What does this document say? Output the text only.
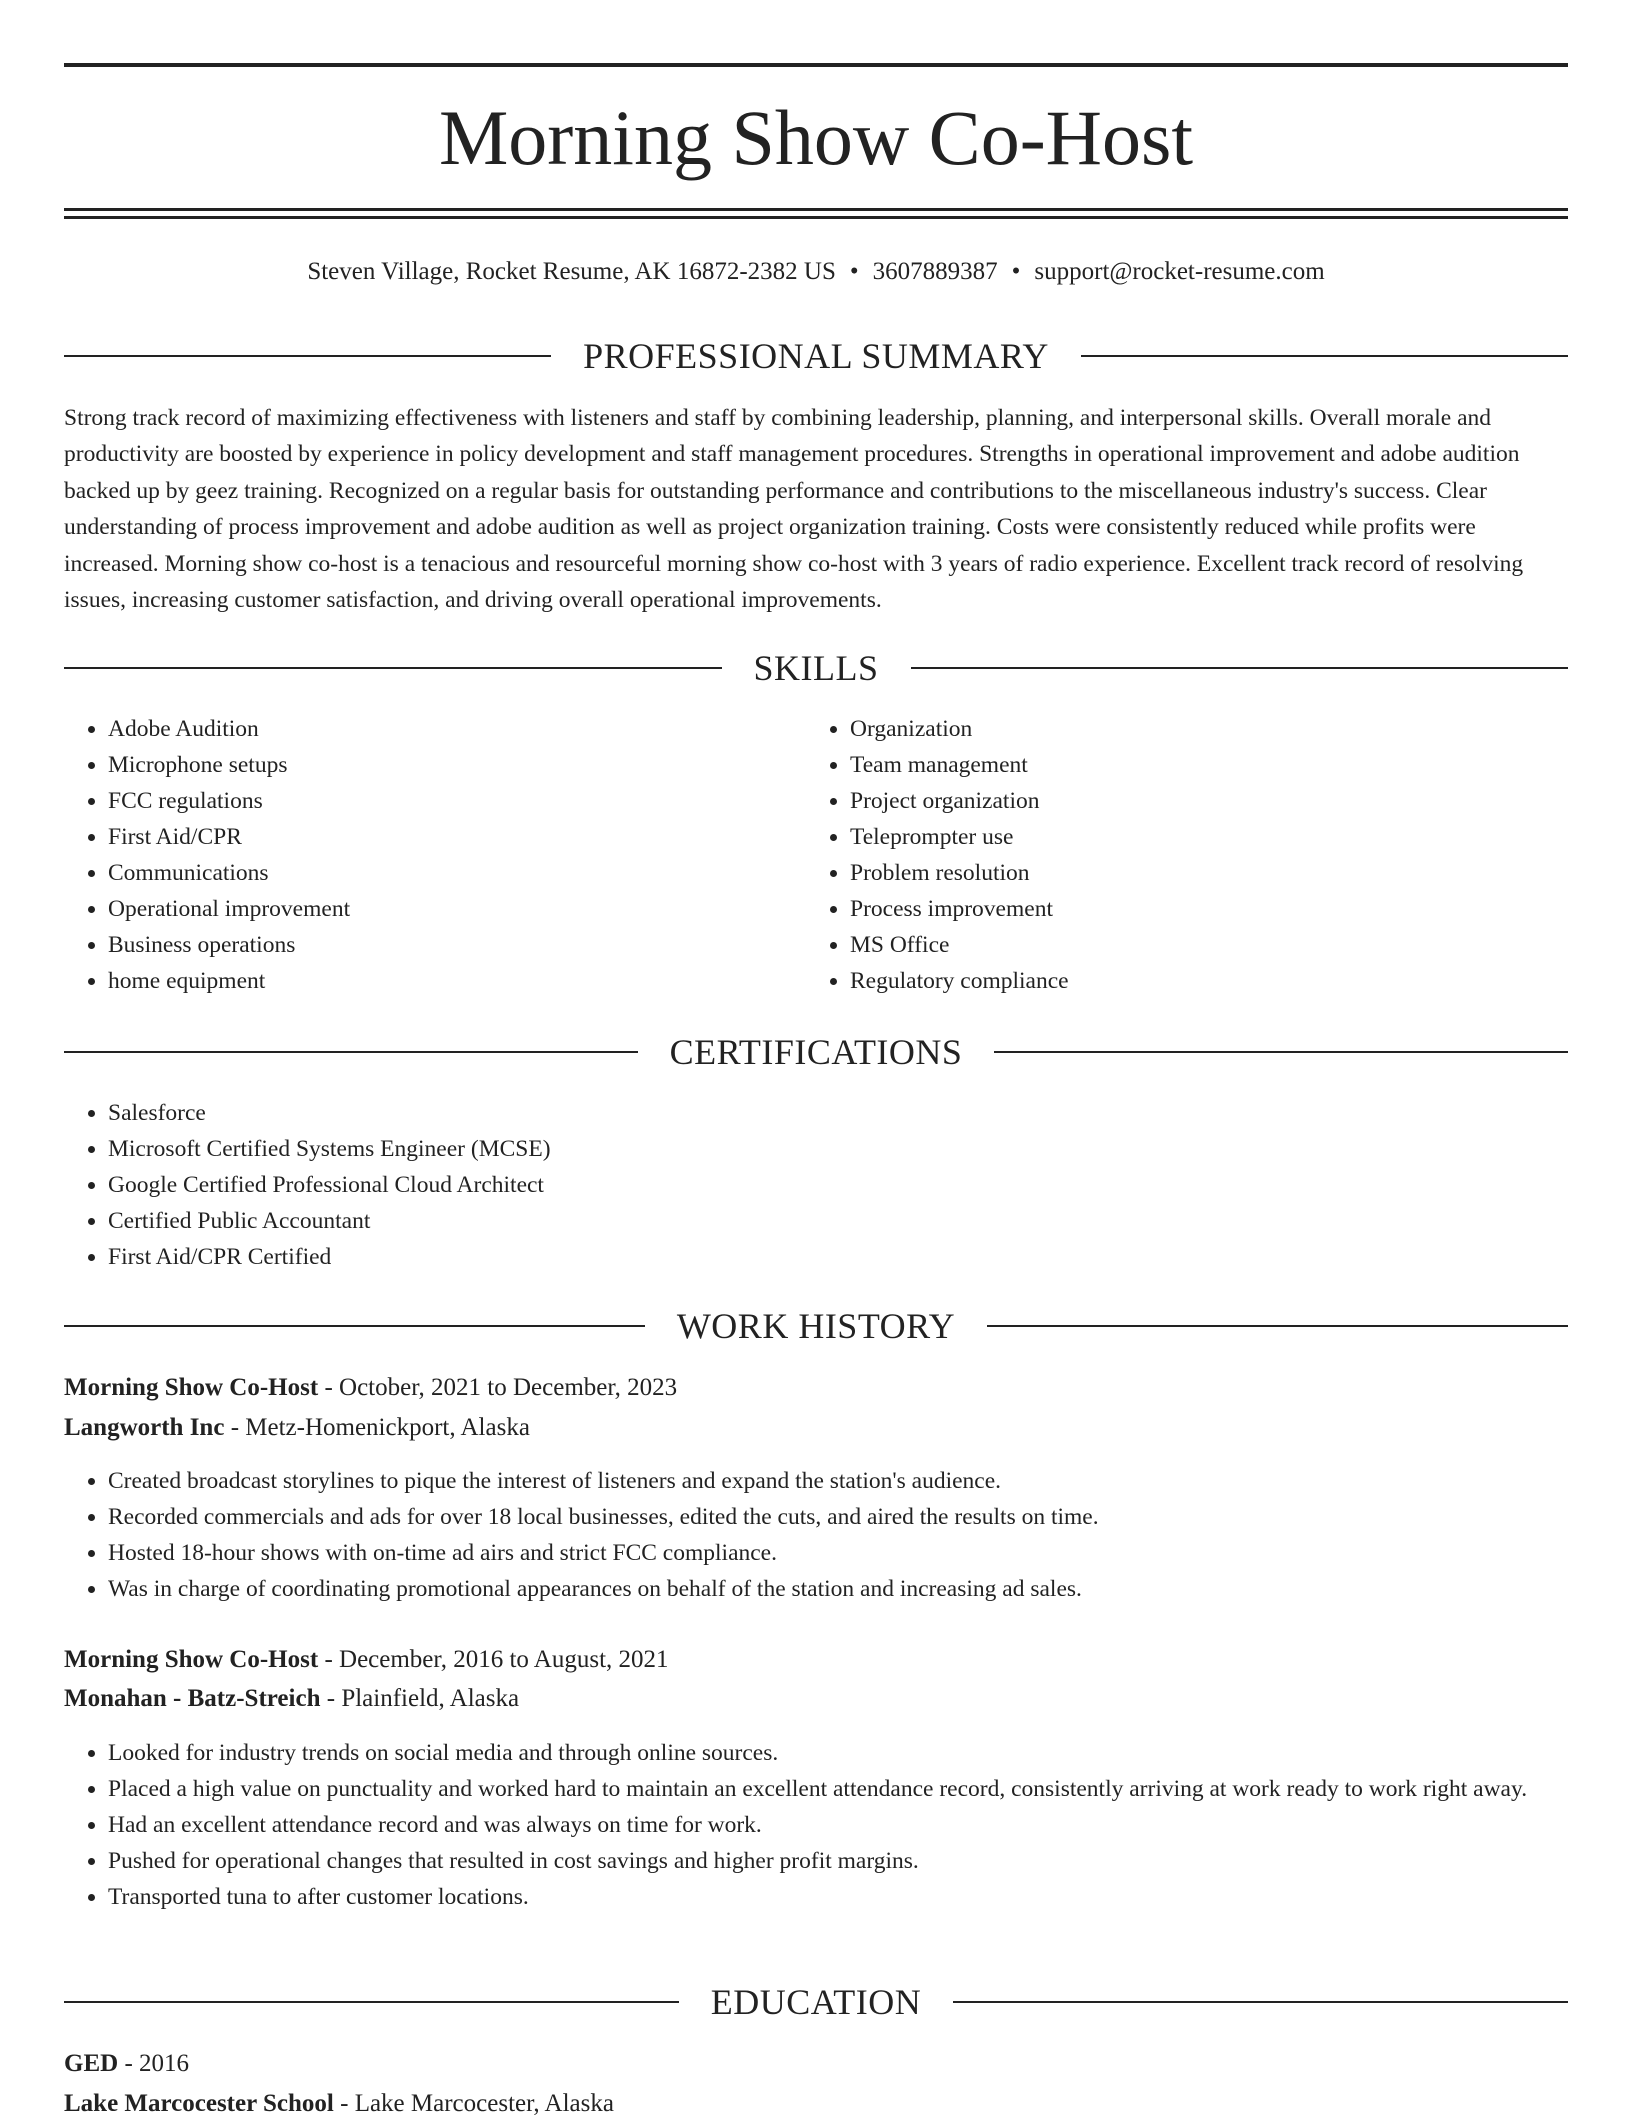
Morning Show Co-Host
Steven Village, Rocket Resume, AK 16872-2382 US • 3607889387 • support@rocket-resume.com
PROFESSIONAL SUMMARY

Strong track record of maximizing effectiveness with listeners and staff by combining leadership, planning, and interpersonal skills. Overall morale and productivity are boosted by experience in policy development and staff management procedures. Strengths in operational improvement and adobe audition backed up by geez training. Recognized on a regular basis for outstanding performance and contributions to the miscellaneous industry's success. Clear understanding of process improvement and adobe audition as well as project organization training. Costs were consistently reduced while profits were increased. Morning show co-host is a tenacious and resourceful morning show co-host with 3 years of radio experience. Excellent track record of resolving issues, increasing customer satisfaction, and driving overall operational improvements.

SKILLS
• Adobe Audition
• Microphone setups
• FCC regulations
• First Aid/CPR
• Communications
• Operational improvement
• Business operations
• home equipment
• Organization
• Team management
• Project organization
• Teleprompter use
• Problem resolution
• Process improvement
• MS Office
• Regulatory compliance
CERTIFICATIONS
• Salesforce
• Microsoft Certified Systems Engineer (MCSE)
• Google Certified Professional Cloud Architect
• Certified Public Accountant
• First Aid/CPR Certified
WORK HISTORY
Morning Show Co-Host - October, 2021 to December, 2023
Langworth Inc - Metz-Homenickport, Alaska
• Created broadcast storylines to pique the interest of listeners and expand the station's audience.
• Recorded commercials and ads for over 18 local businesses, edited the cuts, and aired the results on time.
• Hosted 18-hour shows with on-time ad airs and strict FCC compliance.
• Was in charge of coordinating promotional appearances on behalf of the station and increasing ad sales.
Morning Show Co-Host - December, 2016 to August, 2021
Monahan - Batz-Streich - Plainfield, Alaska
• Looked for industry trends on social media and through online sources.
• Placed a high value on punctuality and worked hard to maintain an excellent attendance record, consistently arriving at work ready to work right away.
• Had an excellent attendance record and was always on time for work.
• Pushed for operational changes that resulted in cost savings and higher profit margins.
• Transported tuna to after customer locations.
EDUCATION
GED - 2016
Lake Marcocester School - Lake Marcocester, Alaska
